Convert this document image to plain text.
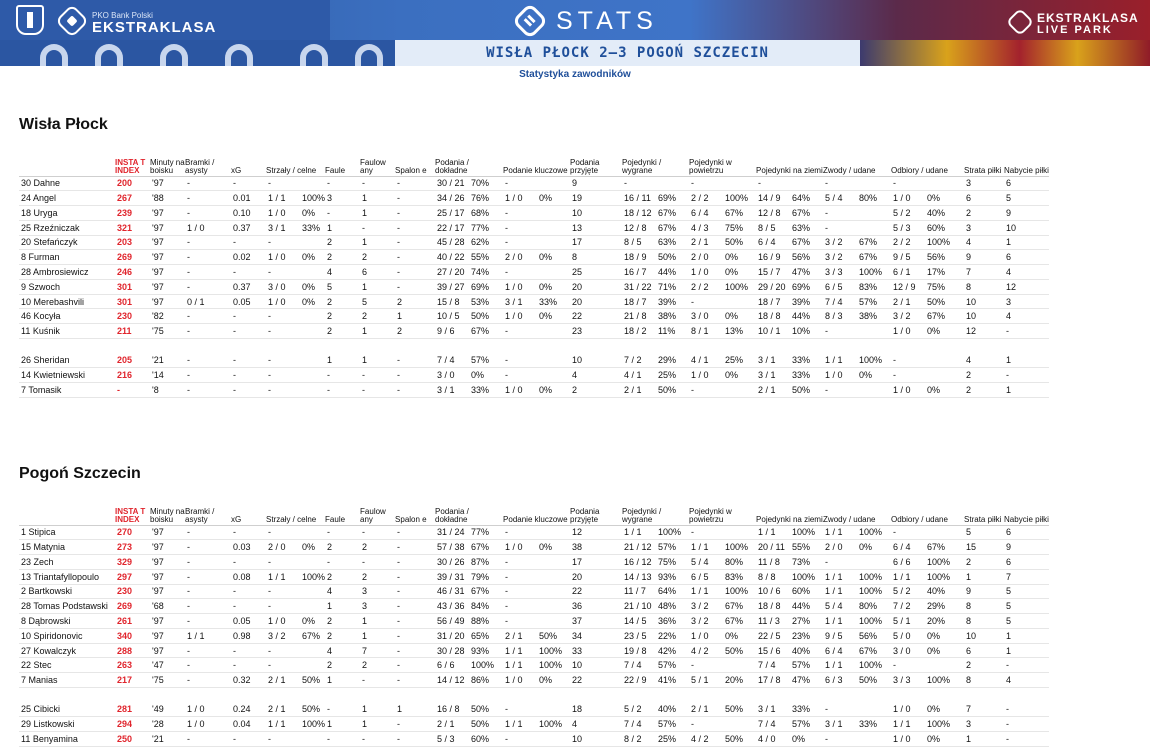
PKO Bank Polski
EKSTRAKLASA	STATS	EKSTRAKLASA
LIVE PARK
WISŁA PŁOCK 2–3 POGOŃ SZCZECIN
Statystyka zawodników
Wisła Płock
	INSTA T INDEX	Minuty na boisku	Bramki / asysty	xG	Strzały / celne	Faule	Faulow any	Spalon e	Podania / dokładne	Podanie kluczowe	Podania przyjęte	Pojedynki / wygrane	Pojedynki w powietrzu	Pojedynki na ziemi	Zwody / udane	Odbiory / udane	Strata piłki	Nabycie piłki
30 Dahne	200	'97	-	-	-	-	-	-	30 / 21 70%	-	9	-	-	-	-	-	3	6
24 Angel	267	'88	-	0.01	1 / 1 100%	3	1	-	34 / 26 76%	1 / 0 0%	19	16 / 11 69%	2 / 2 100%	14 / 9 64%	5 / 4 80%	1 / 0 0%	6	5
18 Uryga	239	'97	-	0.10	1 / 0 0%	-	1	-	25 / 17 68%	-	10	18 / 12 67%	6 / 4 67%	12 / 8 67%	-	5 / 2 40%	2	9
25 Rzeźniczak	321	'97	1 / 0	0.37	3 / 1 33%	1	-	-	22 / 17 77%	-	13	12 / 8 67%	4 / 3 75%	8 / 5 63%	-	5 / 3 60%	3	10
20 Stefańczyk	203	'97	-	-	-	2	1	-	45 / 28 62%	-	17	8 / 5 63%	2 / 1 50%	6 / 4 67%	3 / 2 67%	2 / 2 100%	4	1
8 Furman	269	'97	-	0.02	1 / 0 0%	2	2	-	40 / 22 55%	2 / 0 0%	8	18 / 9 50%	2 / 0 0%	16 / 9 56%	3 / 2 67%	9 / 5 56%	9	6
28 Ambrosiewicz	246	'97	-	-	-	4	6	-	27 / 20 74%	-	25	16 / 7 44%	1 / 0 0%	15 / 7 47%	3 / 3 100%	6 / 1 17%	7	4
9 Szwoch	301	'97	-	0.37	3 / 0 0%	5	1	-	39 / 27 69%	1 / 0 0%	20	31 / 22 71%	2 / 2 100%	29 / 20 69%	6 / 5 83%	12 / 9 75%	8	12
10 Merebashvili	301	'97	0 / 1	0.05	1 / 0 0%	2	5	2	15 / 8 53%	3 / 1 33%	20	18 / 7 39%	-	18 / 7 39%	7 / 4 57%	2 / 1 50%	10	3
46 Kocyła	230	'82	-	-	-	2	2	1	10 / 5 50%	1 / 0 0%	22	21 / 8 38%	3 / 0 0%	18 / 8 44%	8 / 3 38%	3 / 2 67%	10	4
11 Kuśnik	211	'75	-	-	-	2	1	2	9 / 6 67%	-	23	18 / 2 11%	8 / 1 13%	10 / 1 10%	-	1 / 0 0%	12	-

26 Sheridan	205	'21	-	-	-	1	1	-	7 / 4 57%	-	10	7 / 2 29%	4 / 1 25%	3 / 1 33%	1 / 1 100%	-	4	1
14 Kwietniewski	216	'14	-	-	-	-	-	-	3 / 0 0%	-	4	4 / 1 25%	1 / 0 0%	3 / 1 33%	1 / 0 0%	-	2	-
7 Tomasik	-	'8	-	-	-	-	-	-	3 / 1 33%	1 / 0 0%	2	2 / 1 50%	-	2 / 1 50%	-	1 / 0 0%	2	1
Pogoń Szczecin
	INSTA T INDEX	Minuty na boisku	Bramki / asysty	xG	Strzały / celne	Faule	Faulow any	Spalon e	Podania / dokładne	Podanie kluczowe	Podania przyjęte	Pojedynki / wygrane	Pojedynki w powietrzu	Pojedynki na ziemi	Zwody / udane	Odbiory / udane	Strata piłki	Nabycie piłki
1 Stipica	270	'97	-	-	-	-	-	-	31 / 24 77%	-	12	1 / 1 100%	-	1 / 1 100%	1 / 1 100%	-	5	6
15 Matynia	273	'97	-	0.03	2 / 0 0%	2	2	-	57 / 38 67%	1 / 0 0%	38	21 / 12 57%	1 / 1 100%	20 / 11 55%	2 / 0 0%	6 / 4 67%	15	9
23 Zech	329	'97	-	-	-	-	-	-	30 / 26 87%	-	17	16 / 12 75%	5 / 4 80%	11 / 8 73%	-	6 / 6 100%	2	6
13 Triantafyllopoulo	297	'97	-	0.08	1 / 1 100%	2	2	-	39 / 31 79%	-	20	14 / 13 93%	6 / 5 83%	8 / 8 100%	1 / 1 100%	1 / 1 100%	1	7
2 Bartkowski	230	'97	-	-	-	4	3	-	46 / 31 67%	-	22	11 / 7 64%	1 / 1 100%	10 / 6 60%	1 / 1 100%	5 / 2 40%	9	5
28 Tomas Podstawski	269	'68	-	-	-	1	3	-	43 / 36 84%	-	36	21 / 10 48%	3 / 2 67%	18 / 8 44%	5 / 4 80%	7 / 2 29%	8	5
8 Dąbrowski	261	'97	-	0.05	1 / 0 0%	2	1	-	56 / 49 88%	-	37	14 / 5 36%	3 / 2 67%	11 / 3 27%	1 / 1 100%	5 / 1 20%	8	5
10 Spiridonovic	340	'97	1 / 1	0.98	3 / 2 67%	2	1	-	31 / 20 65%	2 / 1 50%	34	23 / 5 22%	1 / 0 0%	22 / 5 23%	9 / 5 56%	5 / 0 0%	10	1
27 Kowalczyk	288	'97	-	-	-	4	7	-	30 / 28 93%	1 / 1 100%	33	19 / 8 42%	4 / 2 50%	15 / 6 40%	6 / 4 67%	3 / 0 0%	6	1
22 Stec	263	'47	-	-	-	2	2	-	6 / 6 100%	1 / 1 100%	10	7 / 4 57%	-	7 / 4 57%	1 / 1 100%	-	2	-
7 Manias	217	'75	-	0.32	2 / 1 50%	1	-	-	14 / 12 86%	1 / 0 0%	22	22 / 9 41%	5 / 1 20%	17 / 8 47%	6 / 3 50%	3 / 3 100%	8	4

25 Cibicki	281	'49	1 / 0	0.24	2 / 1 50%	-	1	1	16 / 8 50%	-	18	5 / 2 40%	2 / 1 50%	3 / 1 33%	-	1 / 0 0%	7	-
29 Listkowski	294	'28	1 / 0	0.04	1 / 1 100%	1	1	-	2 / 1 50%	1 / 1 100%	4	7 / 4 57%	-	7 / 4 57%	3 / 1 33%	1 / 1 100%	3	-
11 Benyamina	250	'21	-	-	-	-	-	-	5 / 3 60%	-	10	8 / 2 25%	4 / 2 50%	4 / 0 0%	-	1 / 0 0%	1	-
